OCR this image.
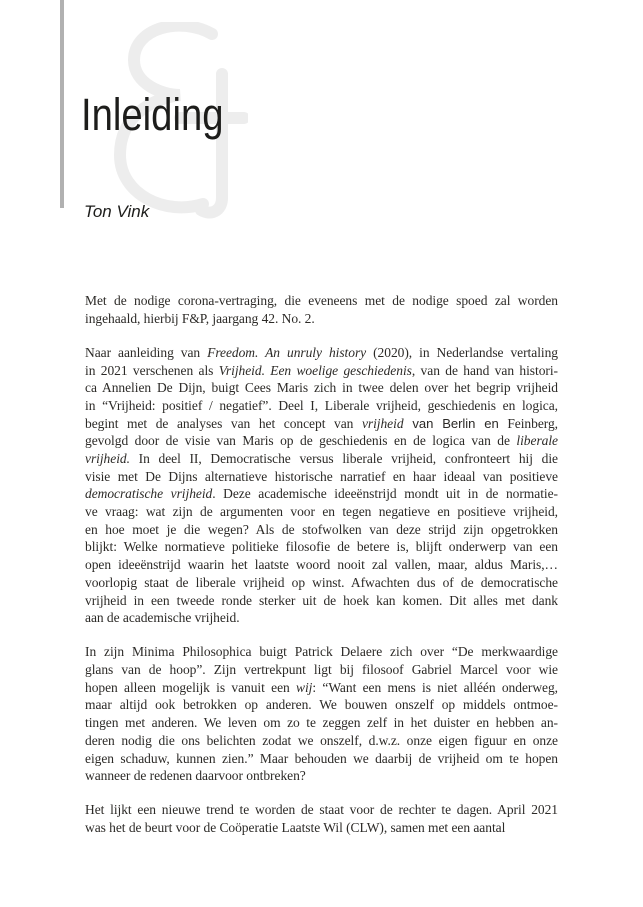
Inleiding
Ton Vink
Met de nodige corona-vertraging, die eveneens met de nodige spoed zal worden
ingehaald, hierbij F&P, jaargang 42. No. 2.
Naar aanleiding van Freedom. An unruly history (2020), in Nederlandse vertaling
in 2021 verschenen als Vrijheid. Een woelige geschiedenis, van de hand van histori-
ca Annelien De Dijn, buigt Cees Maris zich in twee delen over het begrip vrijheid
in “Vrijheid: positief / negatief”. Deel I, Liberale vrijheid, geschiedenis en logica,
begint met de analyses van het concept van vrijheid van Berlin en Feinberg,
gevolgd door de visie van Maris op de geschiedenis en de logica van de liberale
vrijheid. In deel II, Democratische versus liberale vrijheid, confronteert hij die
visie met De Dijns alternatieve historische narratief en haar ideaal van positieve
democratische vrijheid. Deze academische ideeënstrijd mondt uit in de normatie-
ve vraag: wat zijn de argumenten voor en tegen negatieve en positieve vrijheid,
en hoe moet je die wegen? Als de stofwolken van deze strijd zijn opgetrokken
blijkt: Welke normatieve politieke filosofie de betere is, blijft onderwerp van een
open ideeënstrijd waarin het laatste woord nooit zal vallen, maar, aldus Maris,…
voorlopig staat de liberale vrijheid op winst. Afwachten dus of de democratische
vrijheid in een tweede ronde sterker uit de hoek kan komen. Dit alles met dank
aan de academische vrijheid.
In zijn Minima Philosophica buigt Patrick Delaere zich over “De merkwaardige
glans van de hoop”. Zijn vertrekpunt ligt bij filosoof Gabriel Marcel voor wie
hopen alleen mogelijk is vanuit een wij: “Want een mens is niet alléén onderweg,
maar altijd ook betrokken op anderen. We bouwen onszelf op middels ontmoe-
tingen met anderen. We leven om zo te zeggen zelf in het duister en hebben an-
deren nodig die ons belichten zodat we onszelf, d.w.z. onze eigen figuur en onze
eigen schaduw, kunnen zien.” Maar behouden we daarbij de vrijheid om te hopen
wanneer de redenen daarvoor ontbreken?
Het lijkt een nieuwe trend te worden de staat voor de rechter te dagen. April 2021
was het de beurt voor de Coöperatie Laatste Wil (CLW), samen met een aantal
